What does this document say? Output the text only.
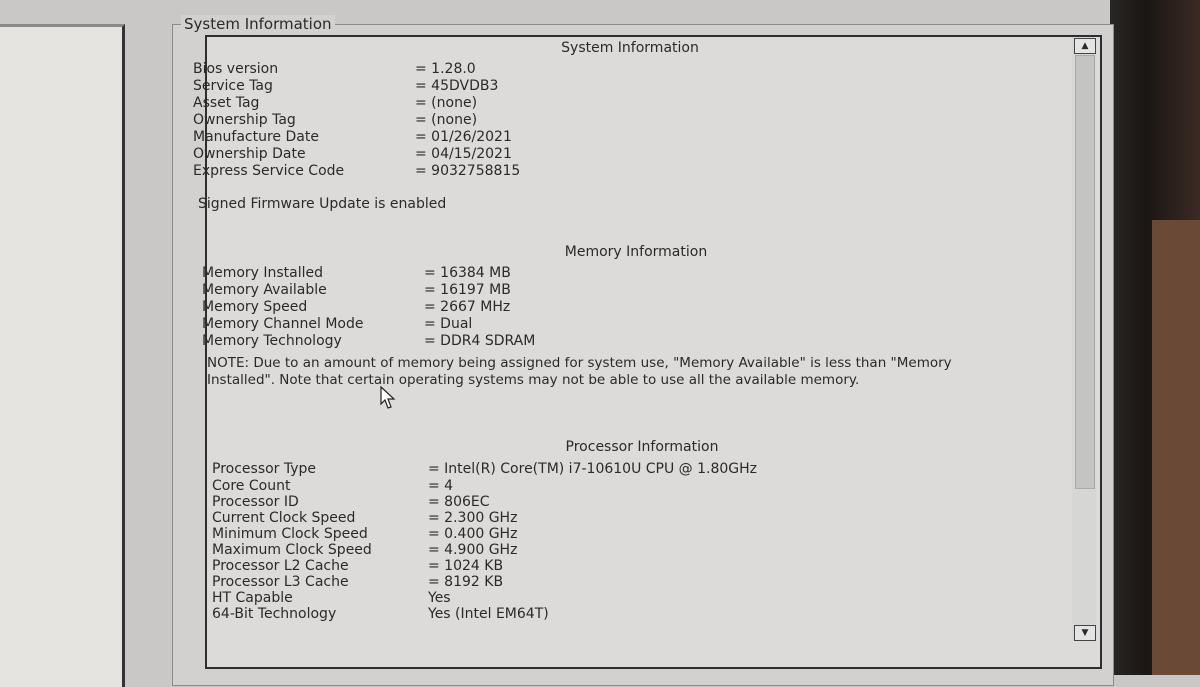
System Information
▲
▼
System Information
Bios version	= 1.28.0
Service Tag	= 45DVDB3
Asset Tag	= (none)
Ownership Tag	= (none)
Manufacture Date	= 01/26/2021
Ownership Date	= 04/15/2021
Express Service Code	= 9032758815
Signed Firmware Update is enabled
Memory Information
Memory Installed	= 16384 MB
Memory Available	= 16197 MB
Memory Speed	= 2667 MHz
Memory Channel Mode	= Dual
Memory Technology	= DDR4 SDRAM
NOTE: Due to an amount of memory being assigned for system use, "Memory Available" is less than "Memory Installed". Note that certain operating systems may not be able to use all the available memory.
Processor Information
Processor Type	= Intel(R) Core(TM) i7-10610U CPU @ 1.80GHz
Core Count	= 4
Processor ID	= 806EC
Current Clock Speed	= 2.300 GHz
Minimum Clock Speed	= 0.400 GHz
Maximum Clock Speed	= 4.900 GHz
Processor L2 Cache	= 1024 KB
Processor L3 Cache	= 8192 KB
HT Capable	Yes
64-Bit Technology	Yes (Intel EM64T)
